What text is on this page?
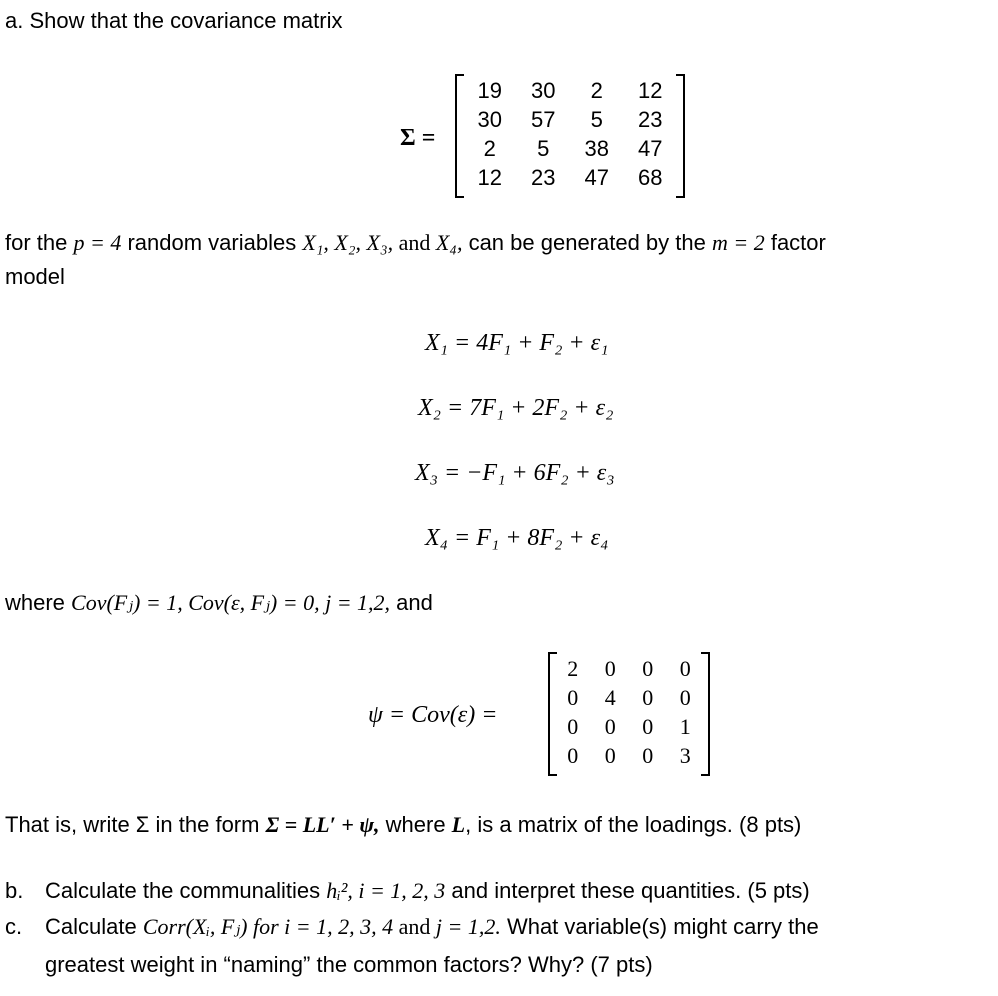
a. Show that the covariance matrix
Σ =
19	30	2	12
30	57	5	23
2	5	38	47
12	23	47	68
for the p = 4 random variables X₁, X₂, X₃, and X₄, can be generated by the m = 2 factor
model
X₁ = 4F₁ + F₂ + ε₁
X₂ = 7F₁ + 2F₂ + ε₂
X₃ = −F₁ + 6F₂ + ε₃
X₄ = F₁ + 8F₂ + ε₄
where Cov(Fⱼ) = 1, Cov(ε, Fⱼ) = 0, j = 1,2, and
ψ = Cov(ε) =
2	0	0	0
0	4	0	0
0	0	0	1
0	0	0	3
That is, write Σ in the form Σ = LL′ + ψ, where L, is a matrix of the loadings. (8 pts)
b. Calculate the communalities hᵢ², i = 1, 2, 3 and interpret these quantities. (5 pts)
c. Calculate Corr(Xᵢ, Fⱼ) for i = 1, 2, 3, 4 and j = 1,2. What variable(s) might carry the
greatest weight in “naming” the common factors? Why? (7 pts)
